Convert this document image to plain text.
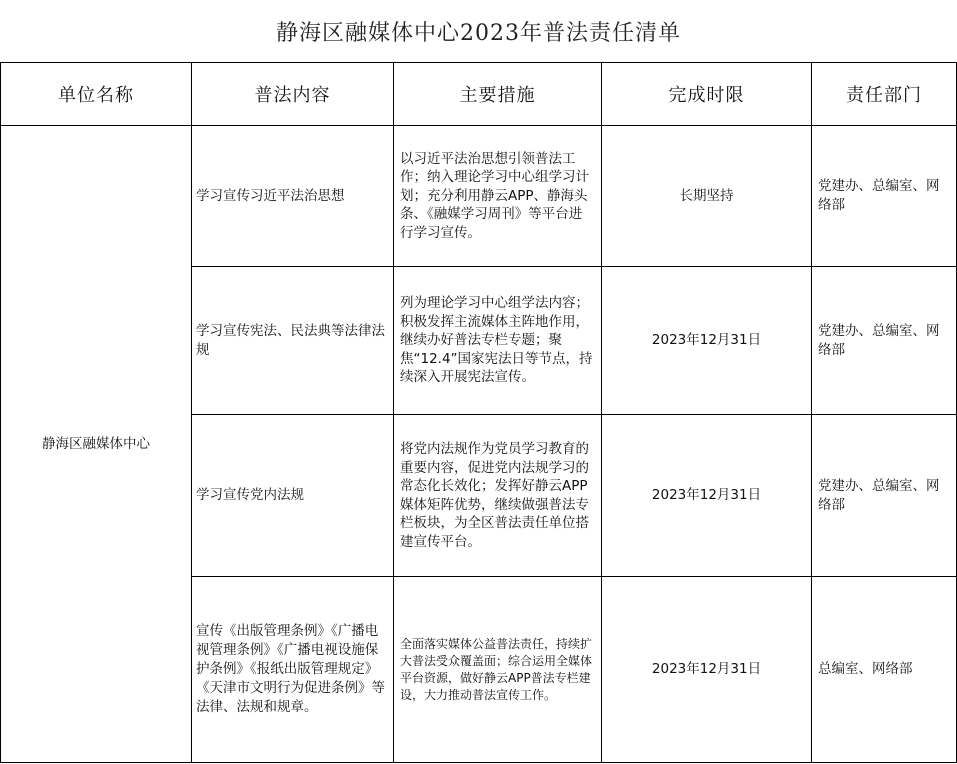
静海区融媒体中心2023年普法责任清单
单位名称	普法内容	主要措施	完成时限	责任部门
静海区融媒体中心	学习宣传习近平法治思想	以习近平法治思想引领普法工作；纳入理论学习中心组学习计划；充分利用静云APP、静海头条、《融媒学习周刊》等平台进行学习宣传。	长期坚持	党建办、总编室、网络部
	学习宣传宪法、民法典等法律法规	列为理论学习中心组学法内容；积极发挥主流媒体主阵地作用，继续办好普法专栏专题；聚焦“12.4”国家宪法日等节点，持续深入开展宪法宣传。	2023年12月31日	党建办、总编室、网络部
	学习宣传党内法规	将党内法规作为党员学习教育的重要内容，促进党内法规学习的常态化长效化；发挥好静云APP媒体矩阵优势，继续做强普法专栏板块，为全区普法责任单位搭建宣传平台。	2023年12月31日	党建办、总编室、网络部
	宣传《出版管理条例》《广播电视管理条例》《广播电视设施保护条例》《报纸出版管理规定》《天津市文明行为促进条例》等法律、法规和规章。	全面落实媒体公益普法责任，持续扩大普法受众覆盖面；综合运用全媒体平台资源，做好静云APP普法专栏建设，大力推动普法宣传工作。	2023年12月31日	总编室、网络部
